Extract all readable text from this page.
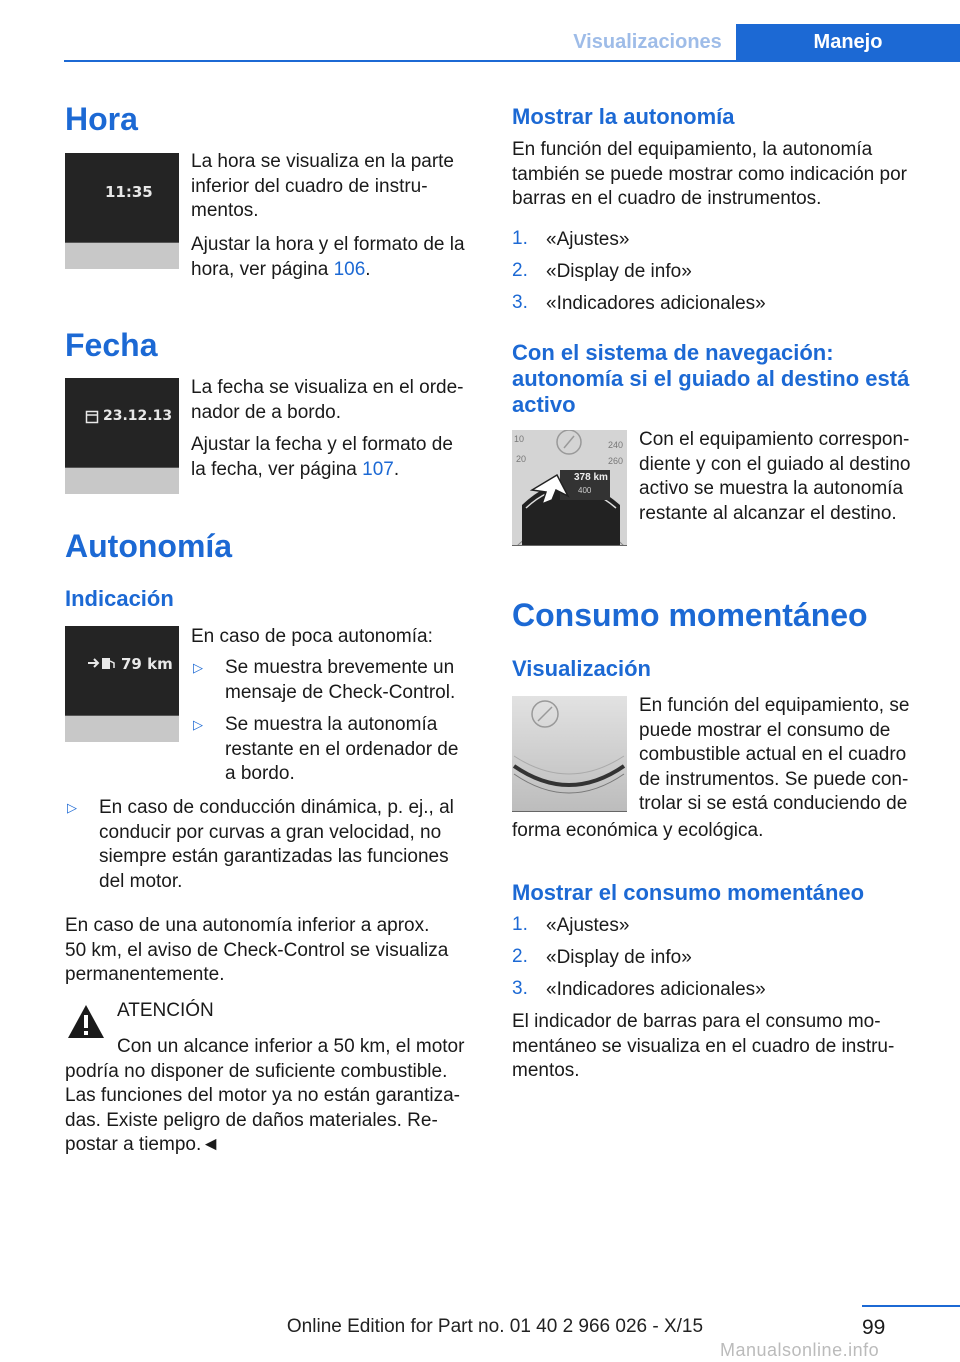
Visualizaciones	Manejo
Hora
11:35
La hora se visualiza en la parte
inferior del cuadro de instru-
mentos.
Ajustar la hora y el formato de la
hora, ver página 106.
Fecha
23.12.13
La fecha se visualiza en el orde-
nador de a bordo.
Ajustar la fecha y el formato de
la fecha, ver página 107.
Autonomía
Indicación
79 km
En caso de poca autonomía:
▷ Se muestra brevemente un
mensaje de Check-Control.
▷ Se muestra la autonomía
restante en el ordenador de
a bordo.
▷ En caso de conducción dinámica, p. ej., al
conducir por curvas a gran velocidad, no
siempre están garantizadas las funciones
del motor.
En caso de una autonomía inferior a aprox.
50 km, el aviso de Check-Control se visualiza
permanentemente.
ATENCIÓN
Con un alcance inferior a 50 km, el motor
podría no disponer de suficiente combustible.
Las funciones del motor ya no están garantiza-
das. Existe peligro de daños materiales. Re-
postar a tiempo.◄
Mostrar la autonomía
En función del equipamiento, la autonomía
también se puede mostrar como indicación por
barras en el cuadro de instrumentos.
1. «Ajustes»
2. «Display de info»
3. «Indicadores adicionales»
Con el sistema de navegación:
autonomía si el guiado al destino está
activo
10
20
240
260
378 km
400
Con el equipamiento correspon-
diente y con el guiado al destino
activo se muestra la autonomía
restante al alcanzar el destino.
Consumo momentáneo
Visualización
En función del equipamiento, se
puede mostrar el consumo de
combustible actual en el cuadro
de instrumentos. Se puede con-
trolar si se está conduciendo de
forma económica y ecológica.
Mostrar el consumo momentáneo
1. «Ajustes»
2. «Display de info»
3. «Indicadores adicionales»
El indicador de barras para el consumo mo-
mentáneo se visualiza en el cuadro de instru-
mentos.
99
Online Edition for Part no. 01 40 2 966 026 - X/15
Manualsonline.info
